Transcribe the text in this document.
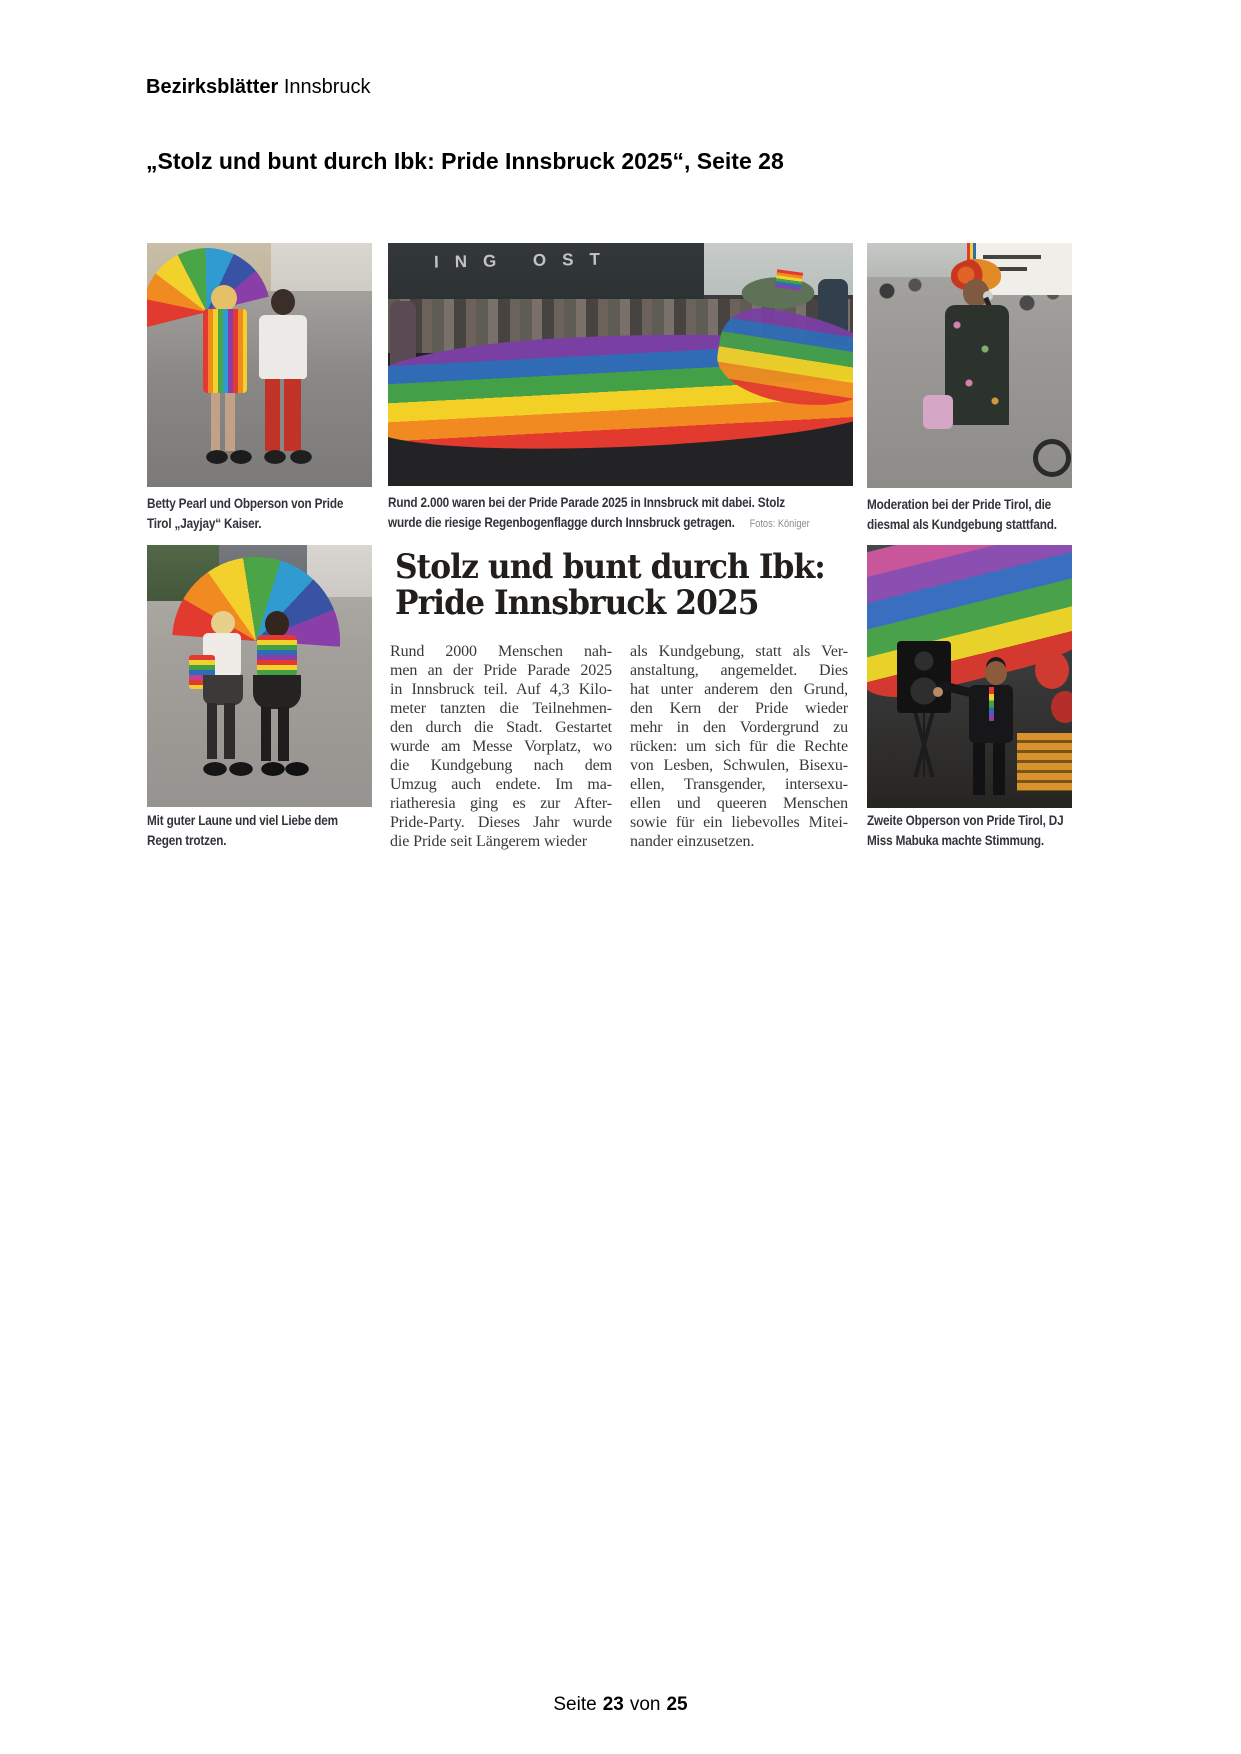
Bezirksblätter Innsbruck
„Stolz und bunt durch Ibk: Pride Innsbruck 2025“, Seite 28
ING OST
Betty Pearl und Obperson von Pride
Tirol „Jayjay“ Kaiser.
Rund 2.000 waren bei der Pride Parade 2025 in Innsbruck mit dabei. Stolz
wurde die riesige Regenbogenflagge durch Innsbruck getragen. Fotos: Königer
Moderation bei der Pride Tirol, die
diesmal als Kundgebung stattfand.
Stolz und bunt durch Ibk:
Pride Innsbruck 2025
Rund 2000 Menschen nah-
men an der Pride Parade 2025
in Innsbruck teil. Auf 4,3 Kilo-
meter tanzten die Teilnehmen-
den durch die Stadt. Gestartet
wurde am Messe Vorplatz, wo
die Kundgebung nach dem
Umzug auch endete. Im ma-
riatheresia ging es zur After-
Pride-Party. Dieses Jahr wurde
die Pride seit Längerem wieder
als Kundgebung, statt als Ver-
anstaltung, angemeldet. Dies
hat unter anderem den Grund,
den Kern der Pride wieder
mehr in den Vordergrund zu
rücken: um sich für die Rechte
von Lesben, Schwulen, Bisexu-
ellen, Transgender, intersexu-
ellen und queeren Menschen
sowie für ein liebevolles Mitei-
nander einzusetzen.
Mit guter Laune und viel Liebe dem
Regen trotzen.
Zweite Obperson von Pride Tirol, DJ
Miss Mabuka machte Stimmung.
Seite 23 von 25
